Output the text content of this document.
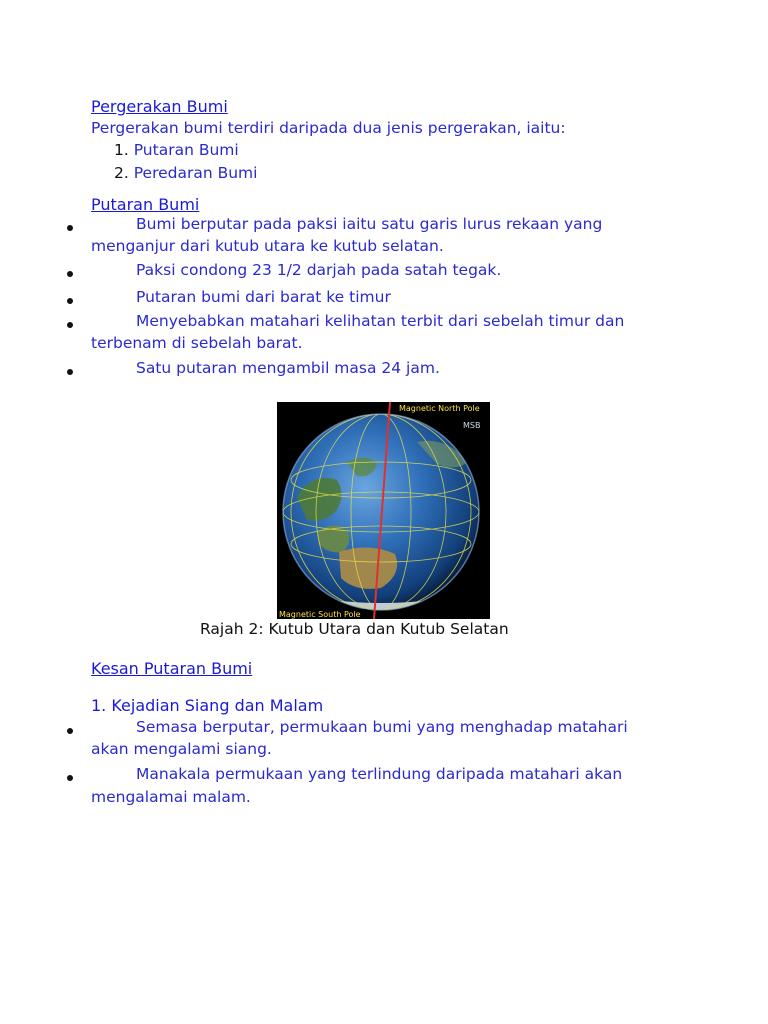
Pergerakan Bumi
Pergerakan bumi terdiri daripada dua jenis pergerakan, iaitu:
1. Putaran Bumi
2. Peredaran Bumi
Putaran Bumi
Bumi berputar pada paksi iaitu satu garis lurus rekaan yang
menganjur dari kutub utara ke kutub selatan.
Paksi condong 23 1/2 darjah pada satah tegak.
Putaran bumi dari barat ke timur
Menyebabkan matahari kelihatan terbit dari sebelah timur dan
terbenam di sebelah barat.
Satu putaran mengambil masa 24 jam.
Magnetic North Pole
Magnetic South Pole
MSB
Rajah 2: Kutub Utara dan Kutub Selatan
Kesan Putaran Bumi
1. Kejadian Siang dan Malam
Semasa berputar, permukaan bumi yang menghadap matahari
akan mengalami siang.
Manakala permukaan yang terlindung daripada matahari akan
mengalamai malam.
